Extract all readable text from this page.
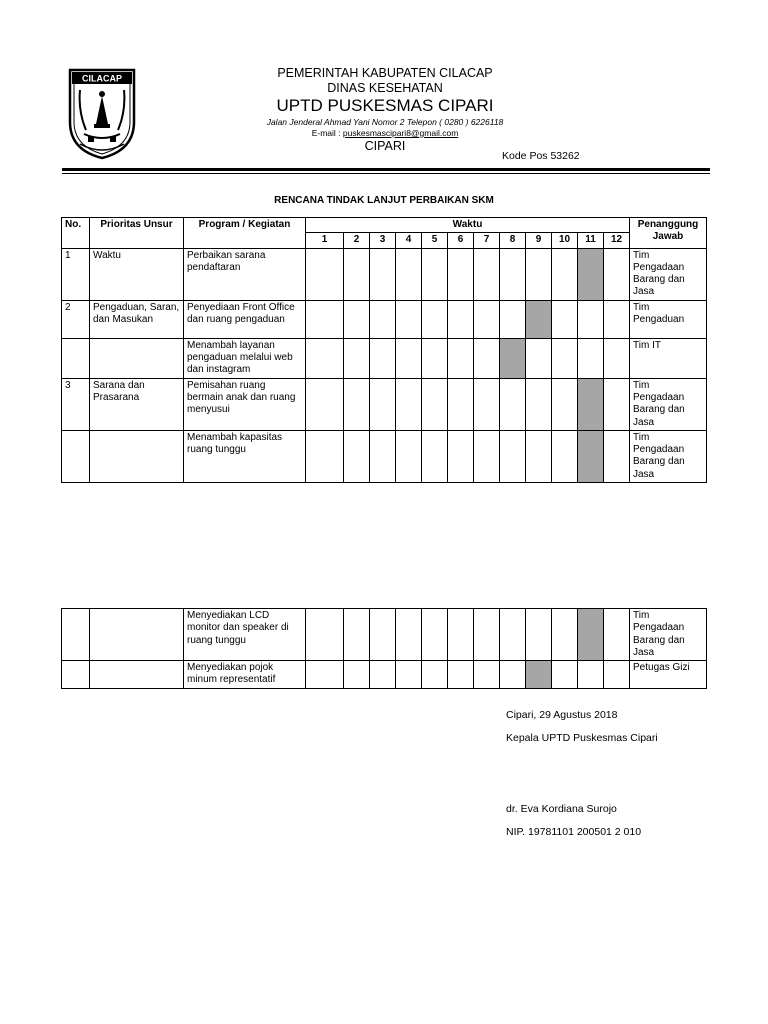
CILACAP	PEMERINTAH KABUPATEN CILACAP
DINAS KESEHATAN
UPTD PUSKESMAS CIPARI
Jalan Jenderal Ahmad Yani Nomor 2 Telepon ( 0280 ) 6226118
E-mail : puskesmascipari8@gmail.com
CIPARI
Kode Pos 53262
RENCANA TINDAK LANJUT PERBAIKAN SKM
No.	Prioritas Unsur	Program / Kegiatan	Waktu												Penanggung Jawab
			1	2	3	4	5	6	7	8	9	10	11	12	
1	Waktu	Perbaikan sarana pendaftaran													Tim Pengadaan Barang dan Jasa
2	Pengaduan, Saran, dan Masukan	Penyediaan Front Office dan ruang pengaduan													Tim Pengaduan
		Menambah layanan pengaduan melalui web dan instagram													Tim IT
3	Sarana dan Prasarana	Pemisahan ruang bermain anak dan ruang menyusui													Tim Pengadaan Barang dan Jasa
		Menambah kapasitas ruang tunggu													Tim Pengadaan Barang dan Jasa
		Menyediakan LCD monitor dan speaker di ruang tunggu													Tim Pengadaan Barang dan Jasa
		Menyediakan pojok minum representatif													Petugas Gizi
Cipari, 29 Agustus 2018
Kepala UPTD Puskesmas Cipari
dr. Eva Kordiana Surojo
NIP. 19781101 200501 2 010
